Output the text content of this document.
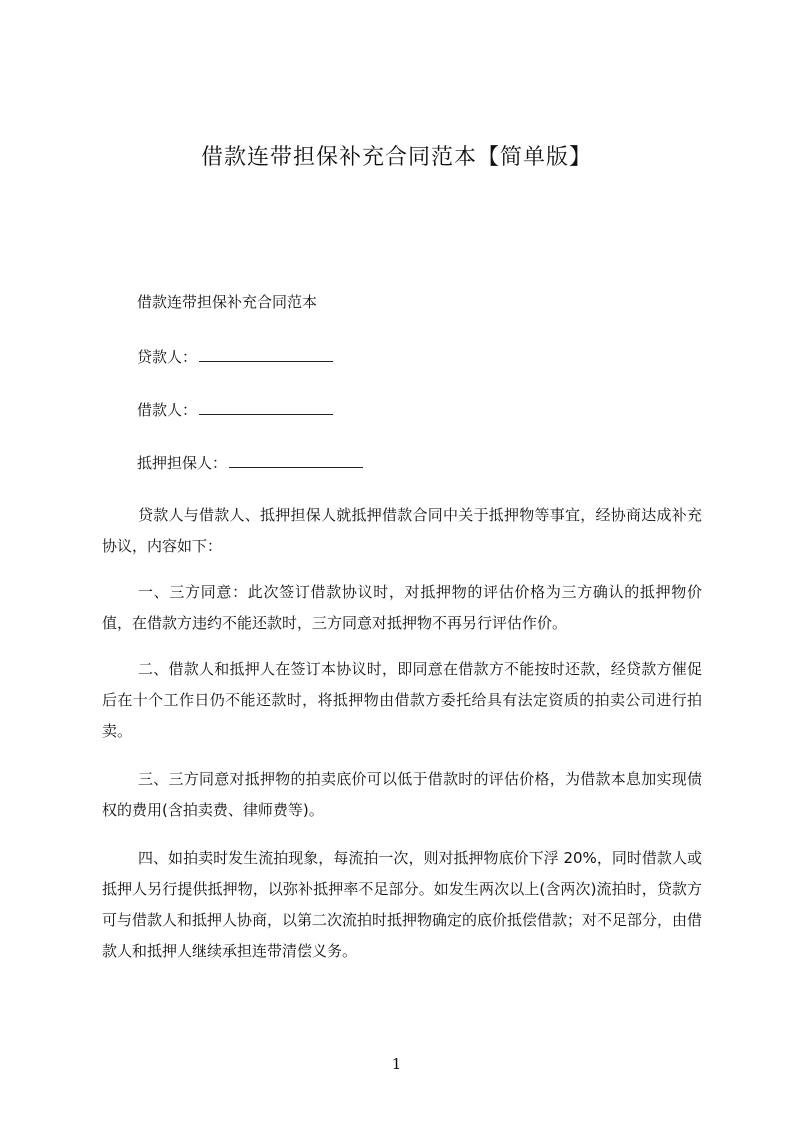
借款连带担保补充合同范本【简单版】
借款连带担保补充合同范本
贷款人：
借款人：
抵押担保人：

贷款人与借款人、抵押担保人就抵押借款合同中关于抵押物等事宜，经协商达成补充协议，内容如下：

一、三方同意：此次签订借款协议时，对抵押物的评估价格为三方确认的抵押物价值，在借款方违约不能还款时，三方同意对抵押物不再另行评估作价。

二、借款人和抵押人在签订本协议时，即同意在借款方不能按时还款，经贷款方催促后在十个工作日仍不能还款时，将抵押物由借款方委托给具有法定资质的拍卖公司进行拍卖。

三、三方同意对抵押物的拍卖底价可以低于借款时的评估价格，为借款本息加实现债权的费用(含拍卖费、律师费等)。

四、如拍卖时发生流拍现象，每流拍一次，则对抵押物底价下浮 20%，同时借款人或抵押人另行提供抵押物，以弥补抵押率不足部分。如发生两次以上(含两次)流拍时，贷款方可与借款人和抵押人协商，以第二次流拍时抵押物确定的底价抵偿借款；对不足部分，由借款人和抵押人继续承担连带清偿义务。

1
